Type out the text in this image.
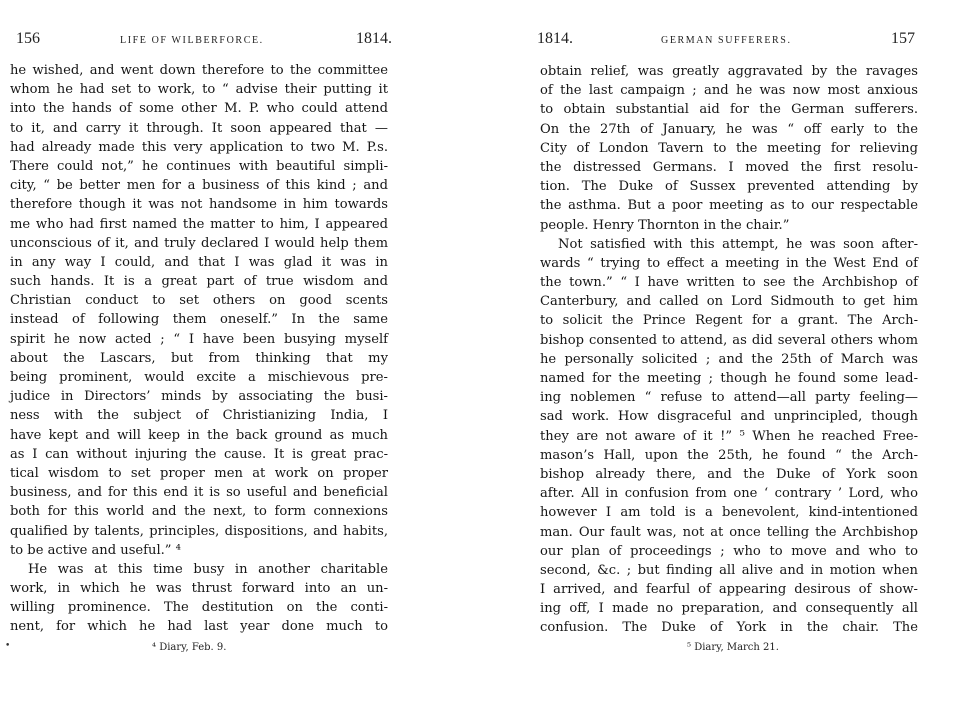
156	LIFE OF WILBERFORCE.	1814.
he wished, and went down therefore to the committee
whom he had set to work, to “ advise their putting it
into the hands of some other M. P. who could attend
to it, and carry it through. It soon appeared that —
had already made this very application to two M. P.s.
There could not,” he continues with beautiful simpli-
city, “ be better men for a business of this kind ; and
therefore though it was not handsome in him towards
me who had first named the matter to him, I appeared
unconscious of it, and truly declared I would help them
in any way I could, and that I was glad it was in
such hands. It is a great part of true wisdom and
Christian conduct to set others on good scents
instead of following them oneself.” In the same
spirit he now acted ; “ I have been busying myself
about the Lascars, but from thinking that my
being prominent, would excite a mischievous pre-
judice in Directors’ minds by associating the busi-
ness with the subject of Christianizing India, I
have kept and will keep in the back ground as much
as I can without injuring the cause. It is great prac-
tical wisdom to set proper men at work on proper
business, and for this end it is so useful and beneficial
both for this world and the next, to form connexions
qualified by talents, principles, dispositions, and habits,
to be active and useful.” ⁴
He was at this time busy in another charitable
work, in which he was thrust forward into an un-
willing prominence. The destitution on the conti-
nent, for which he had last year done much to
•	⁴ Diary, Feb. 9.
1814.	GERMAN SUFFERERS.	157
obtain relief, was greatly aggravated by the ravages
of the last campaign ; and he was now most anxious
to obtain substantial aid for the German sufferers.
On the 27th of January, he was “ off early to the
City of London Tavern to the meeting for relieving
the distressed Germans. I moved the first resolu-
tion. The Duke of Sussex prevented attending by
the asthma. But a poor meeting as to our respectable
people. Henry Thornton in the chair.”
Not satisfied with this attempt, he was soon after-
wards “ trying to effect a meeting in the West End of
the town.” “ I have written to see the Archbishop of
Canterbury, and called on Lord Sidmouth to get him
to solicit the Prince Regent for a grant. The Arch-
bishop consented to attend, as did several others whom
he personally solicited ; and the 25th of March was
named for the meeting ; though he found some lead-
ing noblemen “ refuse to attend—all party feeling—
sad work. How disgraceful and unprincipled, though
they are not aware of it !” ⁵ When he reached Free-
mason’s Hall, upon the 25th, he found “ the Arch-
bishop already there, and the Duke of York soon
after. All in confusion from one ‘ contrary ’ Lord, who
however I am told is a benevolent, kind-intentioned
man. Our fault was, not at once telling the Archbishop
our plan of proceedings ; who to move and who to
second, &c. ; but finding all alive and in motion when
I arrived, and fearful of appearing desirous of show-
ing off, I made no preparation, and consequently all
confusion. The Duke of York in the chair. The
⁵ Diary, March 21.
